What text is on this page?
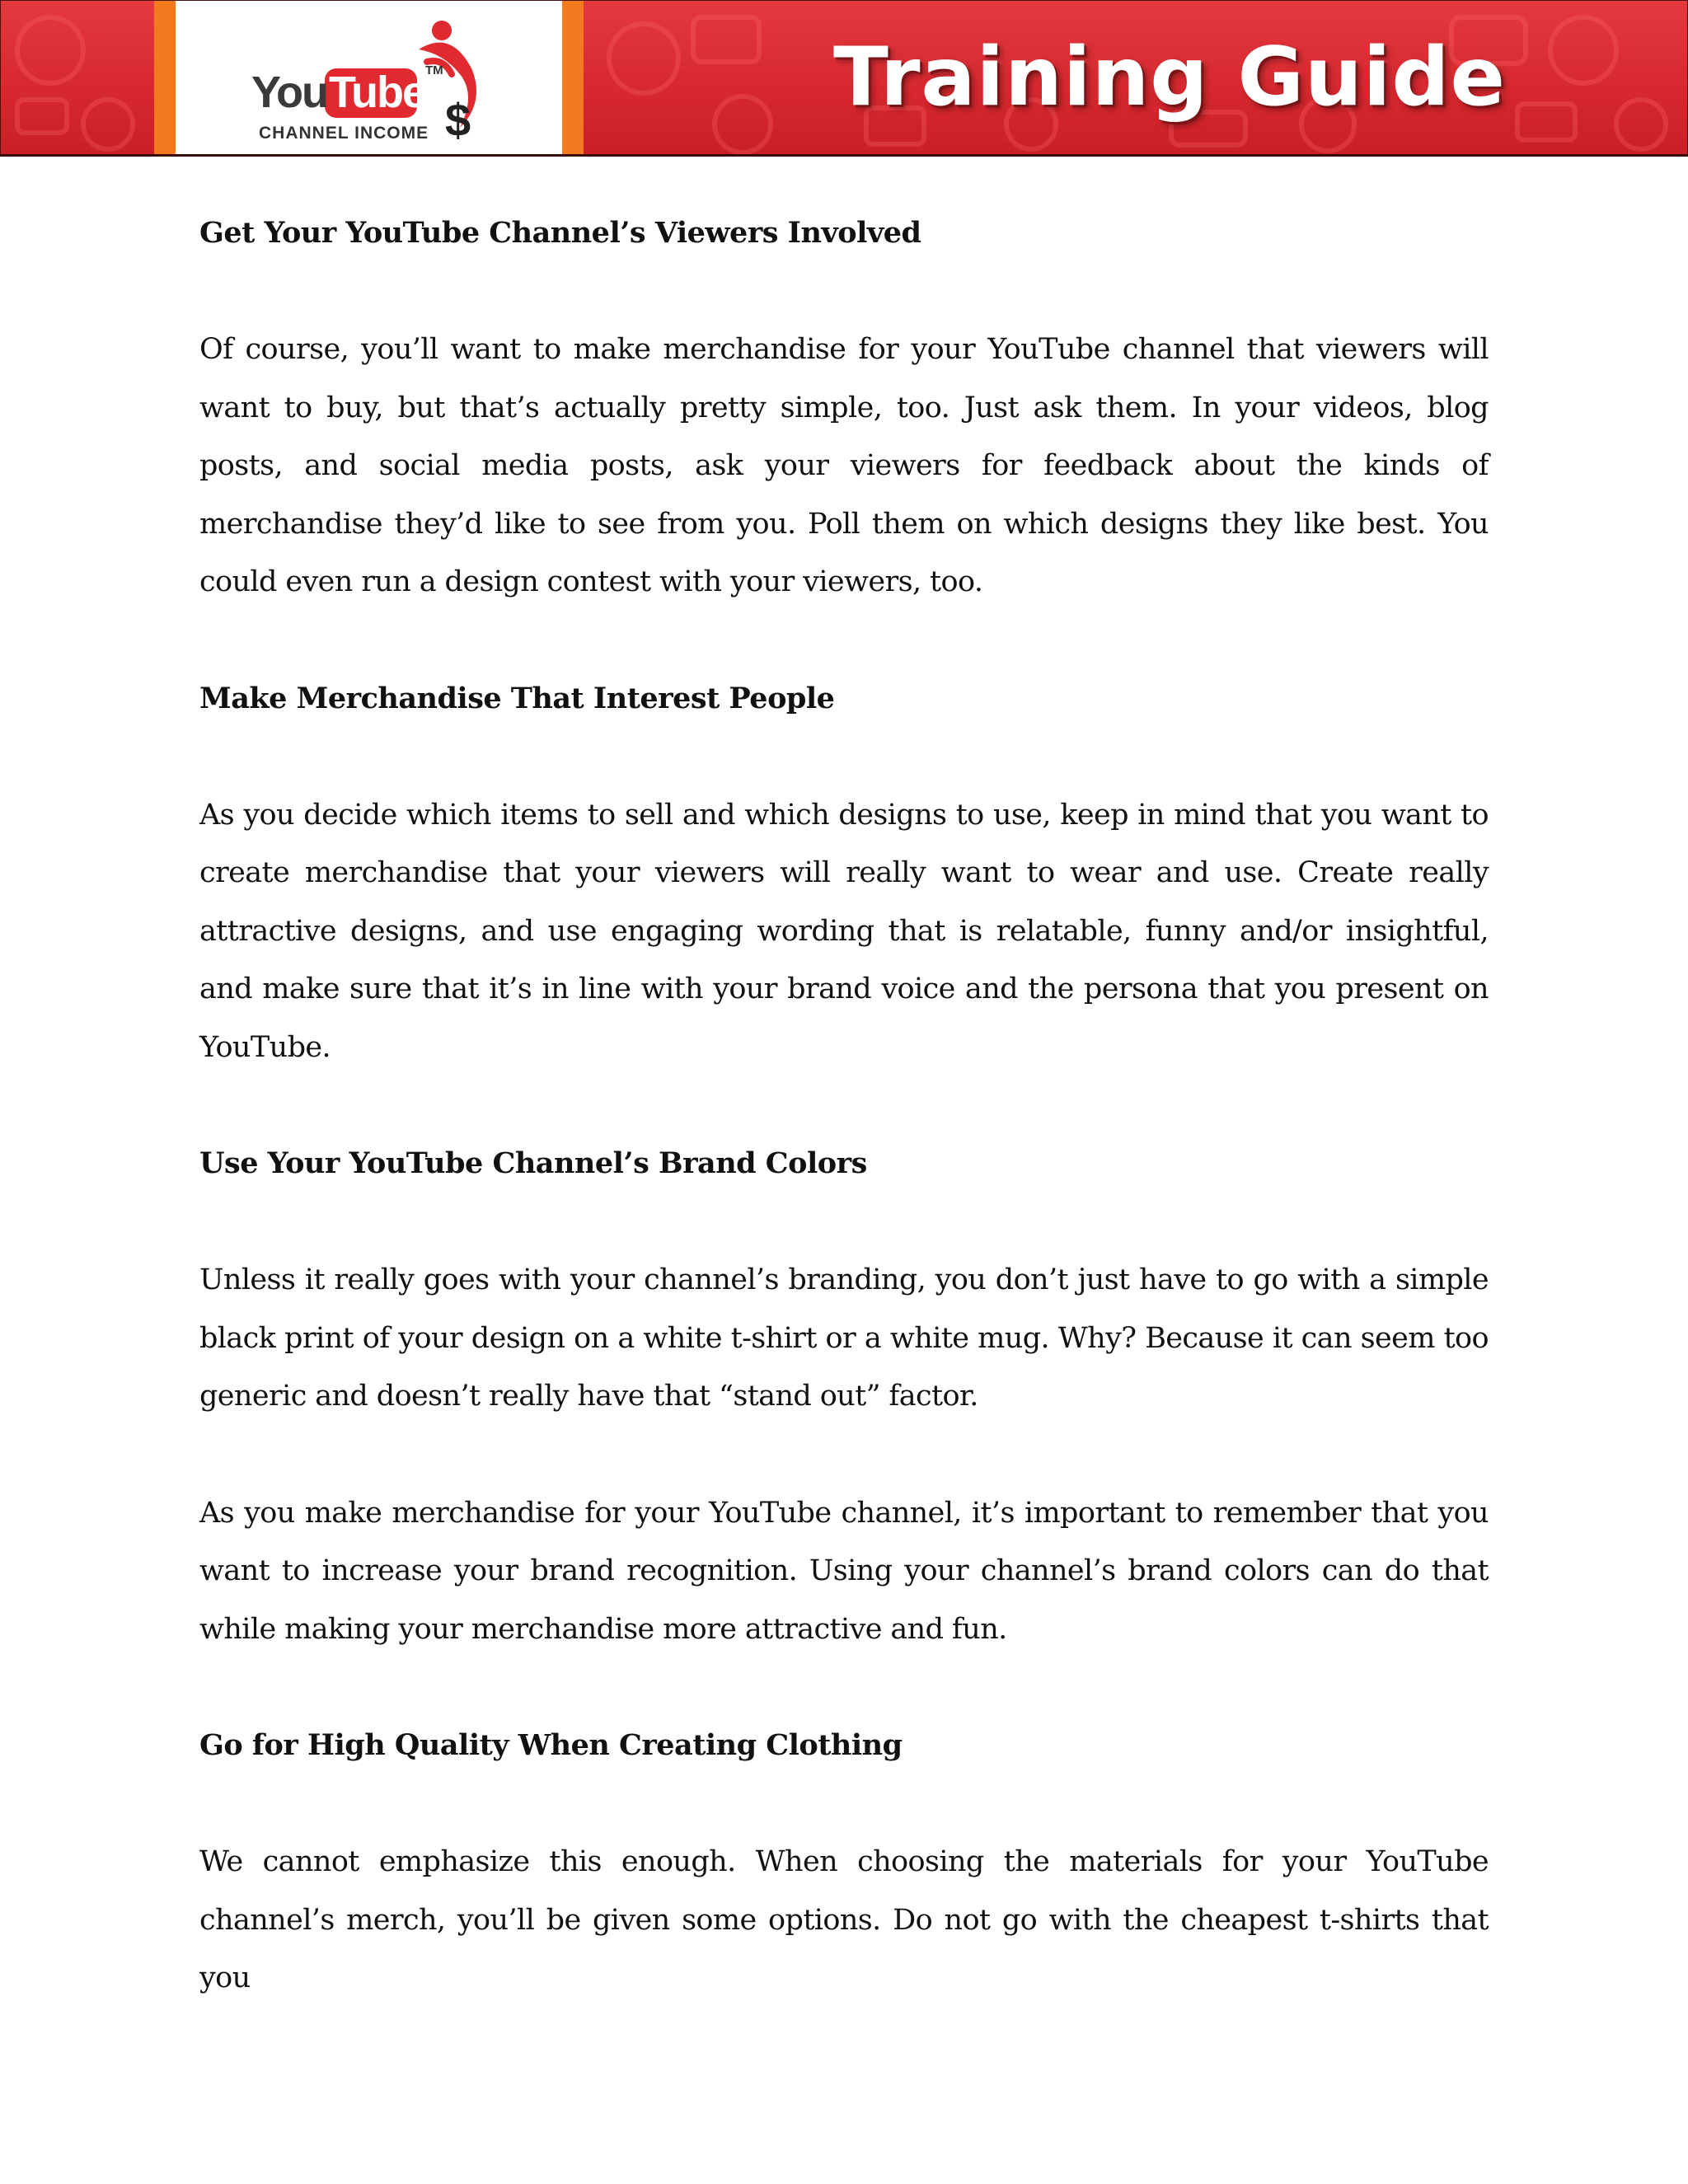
$
You Tube TM
CHANNEL INCOME
Training Guide
Get Your YouTube Channel’s Viewers Involved

Of course, you’ll want to make merchandise for your YouTube channel that viewers will want to buy, but that’s actually pretty simple, too. Just ask them. In your videos, blog posts, and social media posts, ask your viewers for feedback about the kinds of merchandise they’d like to see from you. Poll them on which designs they like best. You could even run a design contest with your viewers, too.

Make Merchandise That Interest People

As you decide which items to sell and which designs to use, keep in mind that you want to create merchandise that your viewers will really want to wear and use. Create really attractive designs, and use engaging wording that is relatable, funny and/or insightful, and make sure that it’s in line with your brand voice and the persona that you present on YouTube.

Use Your YouTube Channel’s Brand Colors

Unless it really goes with your channel’s branding, you don’t just have to go with a simple black print of your design on a white t-shirt or a white mug. Why? Because it can seem too generic and doesn’t really have that “stand out” factor.

As you make merchandise for your YouTube channel, it’s important to remember that you want to increase your brand recognition. Using your channel’s brand colors can do that while making your merchandise more attractive and fun.

Go for High Quality When Creating Clothing

We cannot emphasize this enough. When choosing the materials for your YouTube channel’s merch, you’ll be given some options. Do not go with the cheapest t-shirts that you
